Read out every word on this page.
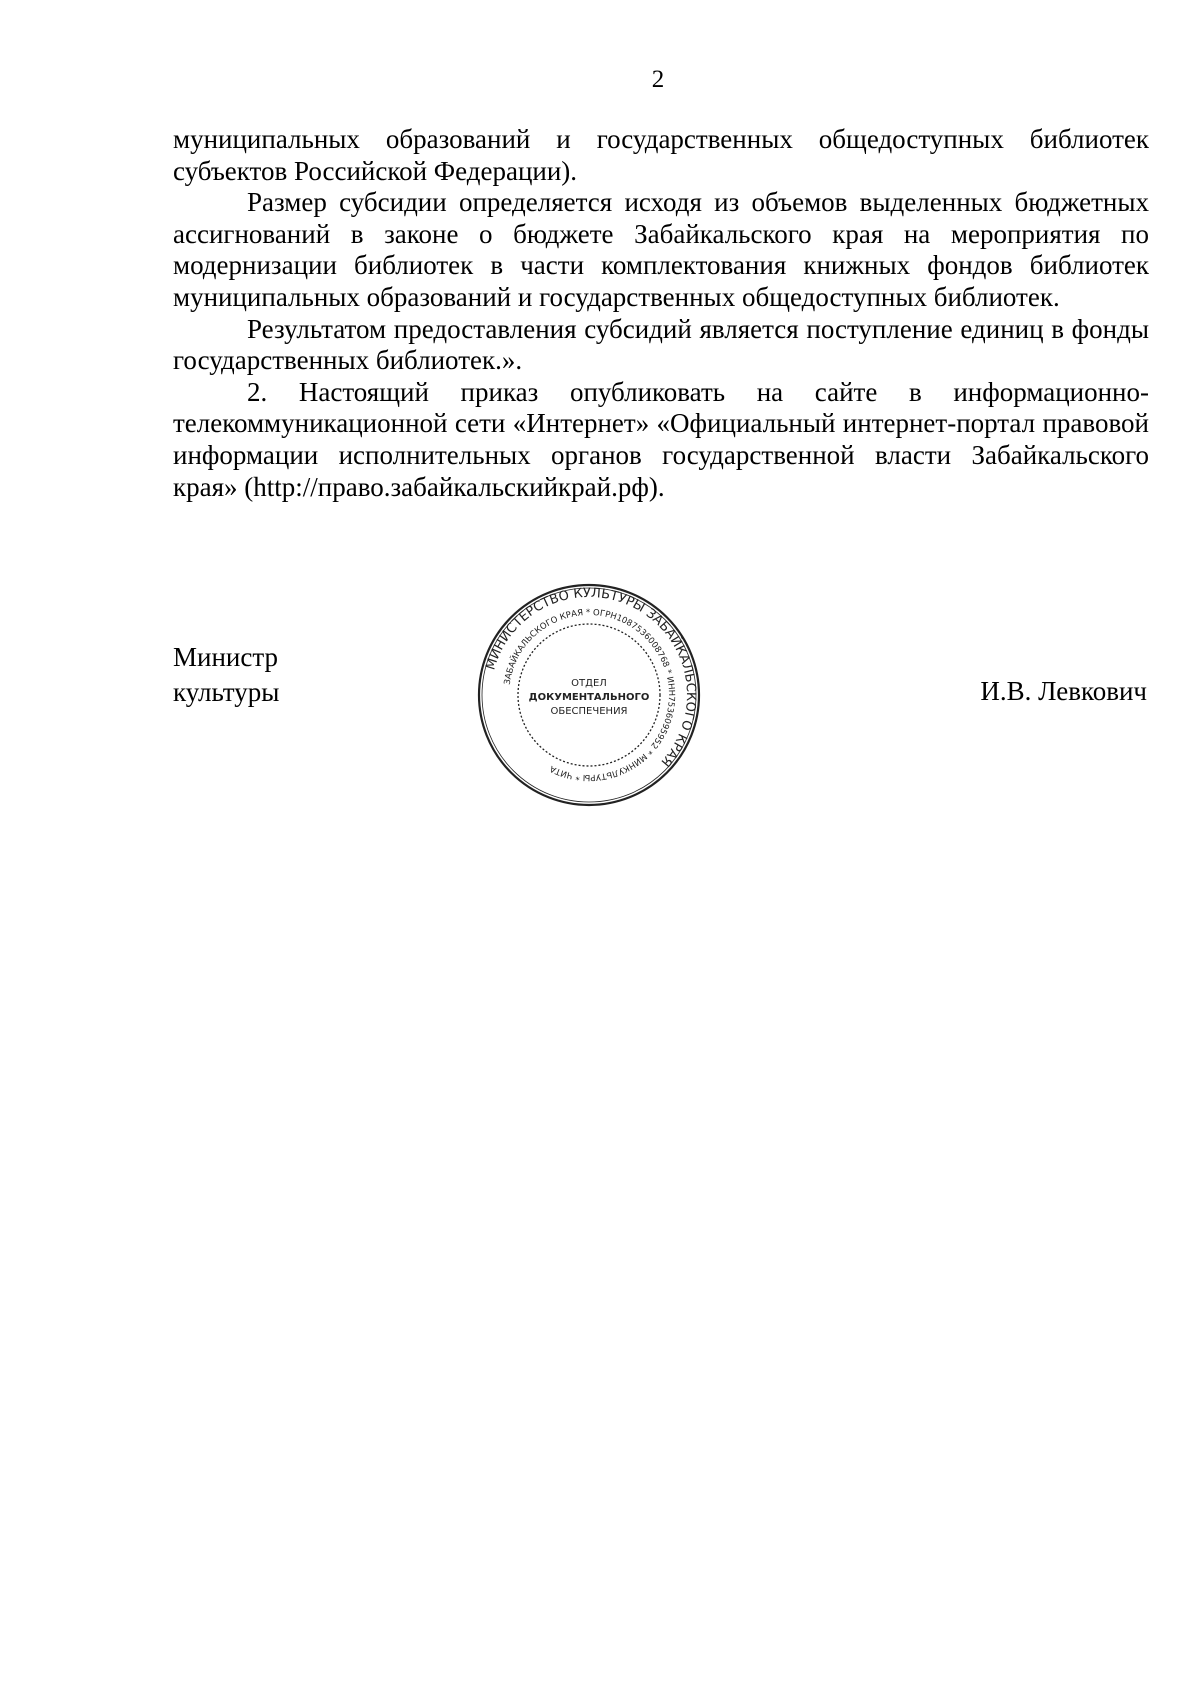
2

муниципальных образований и государственных общедоступных библиотек субъектов Российской Федерации).

Размер субсидии определяется исходя из объемов выделенных бюджетных ассигнований в законе о бюджете Забайкальского края на мероприятия по модернизации библиотек в части комплектования книжных фондов библиотек муниципальных образований и государственных общедоступных библиотек.

Результатом предоставления субсидий является поступление единиц в фонды государственных библиотек.».

2. Настоящий приказ опубликовать на сайте в информационно-телекоммуникационной сети «Интернет» «Официальный интернет-портал правовой информации исполнительных органов государственной власти Забайкальского края» (http://право.забайкальскийкрай.рф).

Министр
культуры	И.В. Левкович
МИНИСТЕРСТВО КУЛЬТУРЫ ЗАБАЙКАЛЬСКОГО КРАЯ
ЗАБАЙКАЛЬСКОГО КРАЯ * ОГРН1087536008768 * ИНН7536095952 * МИНКУЛЬТУРЫ * ЧИТА
ОТДЕЛ
ДОКУМЕНТАЛЬНОГО
ОБЕСПЕЧЕНИЯ
